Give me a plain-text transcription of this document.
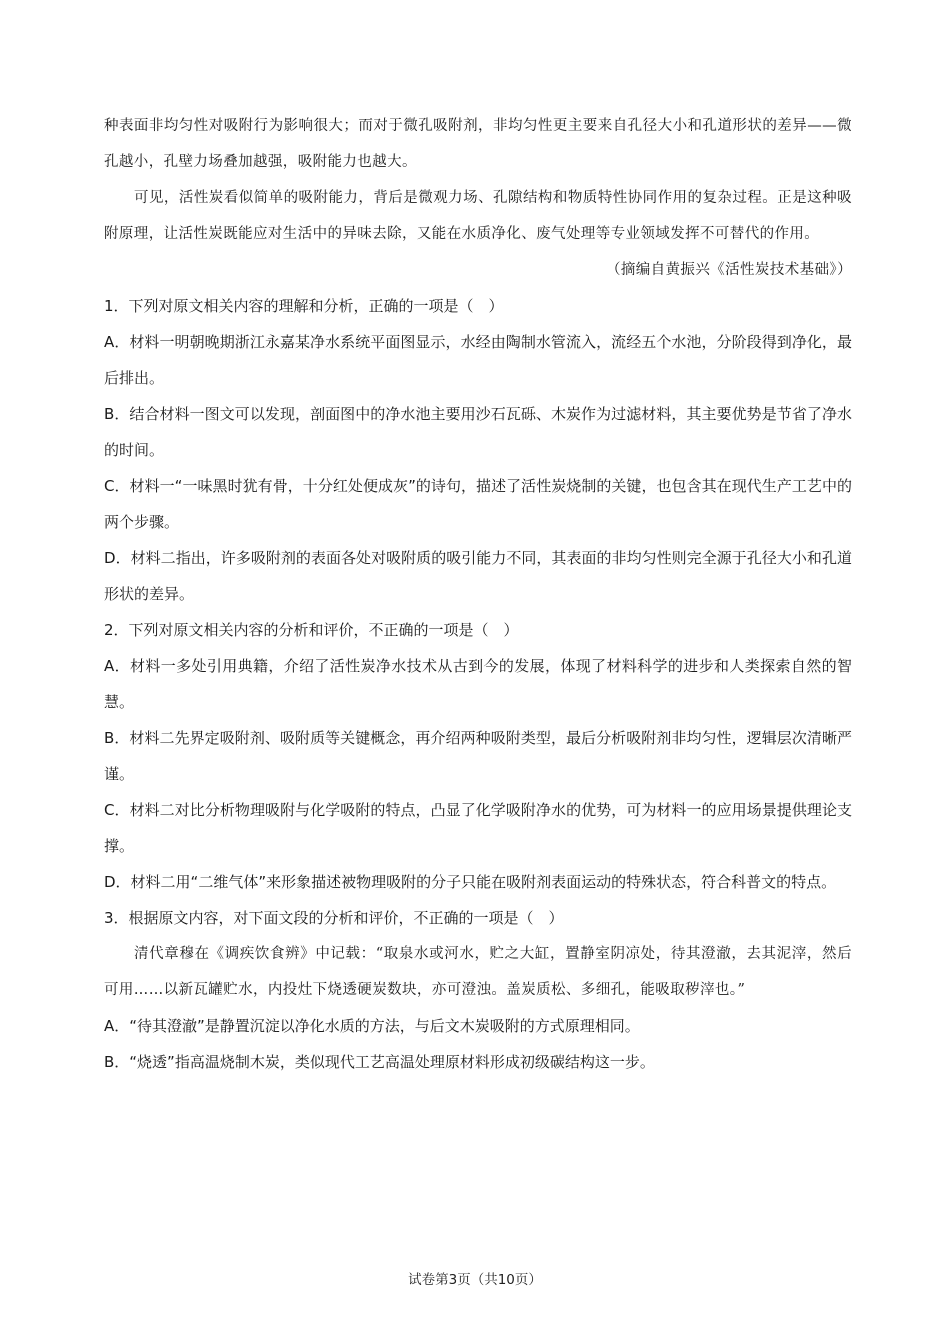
种表面非均匀性对吸附行为影响很大；而对于微孔吸附剂，非均匀性更主要来自孔径大小和孔道形状的差异——微孔越小，孔壁力场叠加越强，吸附能力也越大。

可见，活性炭看似简单的吸附能力，背后是微观力场、孔隙结构和物质特性协同作用的复杂过程。正是这种吸附原理，让活性炭既能应对生活中的异味去除，又能在水质净化、废气处理等专业领域发挥不可替代的作用。

（摘编自黄振兴《活性炭技术基础》）

1．下列对原文相关内容的理解和分析，正确的一项是（　）

A．材料一明朝晚期浙江永嘉某净水系统平面图显示，水经由陶制水管流入，流经五个水池，分阶段得到净化，最后排出。

B．结合材料一图文可以发现，剖面图中的净水池主要用沙石瓦砾、木炭作为过滤材料，其主要优势是节省了净水的时间。

C．材料一“一味黑时犹有骨，十分红处便成灰”的诗句，描述了活性炭烧制的关键，也包含其在现代生产工艺中的两个步骤。

D．材料二指出，许多吸附剂的表面各处对吸附质的吸引能力不同，其表面的非均匀性则完全源于孔径大小和孔道形状的差异。

2．下列对原文相关内容的分析和评价，不正确的一项是（　）

A．材料一多处引用典籍，介绍了活性炭净水技术从古到今的发展，体现了材料科学的进步和人类探索自然的智慧。

B．材料二先界定吸附剂、吸附质等关键概念，再介绍两种吸附类型，最后分析吸附剂非均匀性，逻辑层次清晰严谨。

C．材料二对比分析物理吸附与化学吸附的特点，凸显了化学吸附净水的优势，可为材料一的应用场景提供理论支撑。

D．材料二用“二维气体”来形象描述被物理吸附的分子只能在吸附剂表面运动的特殊状态，符合科普文的特点。

3．根据原文内容，对下面文段的分析和评价，不正确的一项是（　）

清代章穆在《调疾饮食辨》中记载：“取泉水或河水，贮之大缸，置静室阴凉处，待其澄澈，去其泥滓，然后可用……以新瓦罐贮水，内投灶下烧透硬炭数块，亦可澄浊。盖炭质松、多细孔，能吸取秽滓也。”

A．“待其澄澈”是静置沉淀以净化水质的方法，与后文木炭吸附的方式原理相同。

B．“烧透”指高温烧制木炭，类似现代工艺高温处理原材料形成初级碳结构这一步。

试卷第3页（共10页）
